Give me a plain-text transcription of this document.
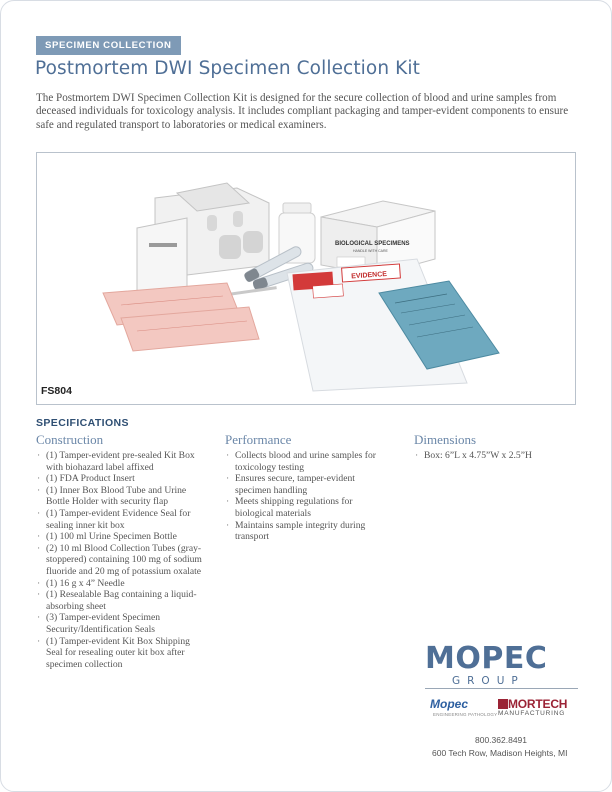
SPECIMEN COLLECTION
Postmortem DWI Specimen Collection Kit

The Postmortem DWI Specimen Collection Kit is designed for the secure collection of blood and urine samples from deceased individuals for toxicology analysis. It includes compliant packaging and tamper-evident components to ensure safe and regulated transport to laboratories or medical examiners.

BIOLOGICAL SPECIMENS
HANDLE WITH CARE
EVIDENCE
FS804
SPECIFICATIONS
Construction
· (1) Tamper-evident pre-sealed Kit Box with biohazard label affixed
· (1) FDA Product Insert
· (1) Inner Box Blood Tube and Urine Bottle Holder with security flap
· (1) Tamper-evident Evidence Seal for sealing inner kit box
· (1) 100 ml Urine Specimen Bottle
· (2) 10 ml Blood Collection Tubes (gray-stoppered) containing 100 mg of sodium fluoride and 20 mg of potassium oxalate
· (1) 16 g x 4” Needle
· (1) Resealable Bag containing a liquid-absorbing sheet
· (3) Tamper-evident Specimen Security/Identification Seals
· (1) Tamper-evident Kit Box Shipping Seal for resealing outer kit box after specimen collection
Performance
· Collects blood and urine samples for toxicology testing
· Ensures secure, tamper-evident specimen handling
· Meets shipping regulations for biological materials
· Maintains sample integrity during transport
Dimensions
· Box: 6”L x 4.75”W x 2.5”H
MOPEC
GROUP
Mopec
ENGINEERING PATHOLOGY
MORTECH
MANUFACTURING
800.362.8491
600 Tech Row, Madison Heights, MI
